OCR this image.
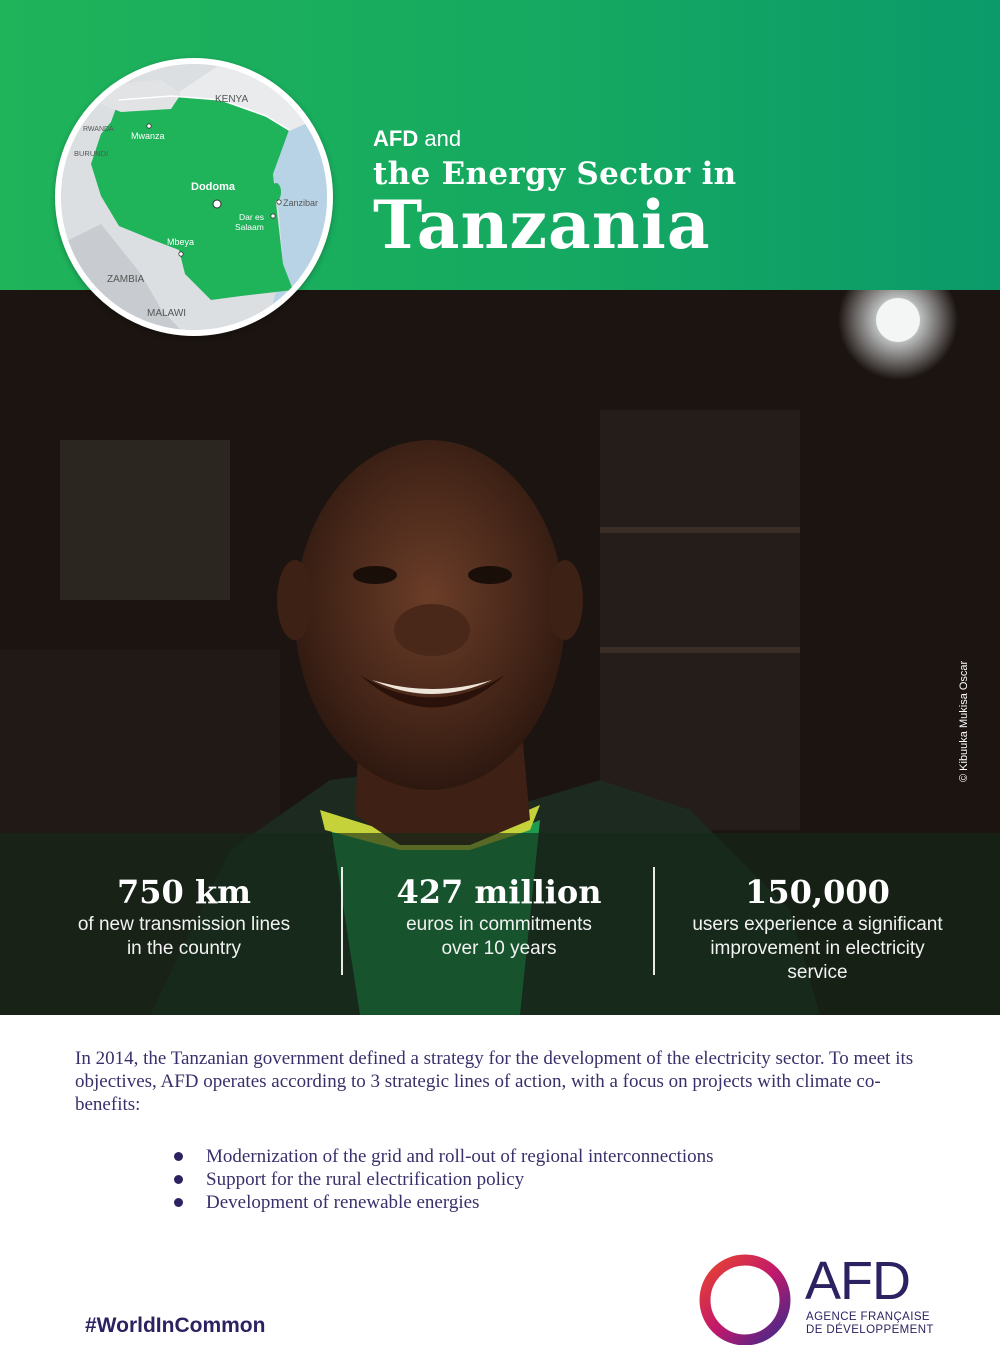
AFD and
the Energy Sector in
Tanzania
KENYA
RWANDA
BURUNDI
Mwanza
Dodoma
Zanzibar
Dar es
Salaam
Mbeya
ZAMBIA
MALAWI
© Kibuuka Mukisa Oscar
750 km
of new transmission lines
in the country
427 million
euros in commitments
over 10 years
150,000
users experience a significant
improvement in electricity
service

In 2014, the Tanzanian government defined a strategy for the development of the electricity sector. To meet its objectives, AFD operates according to 3 strategic lines of action, with a focus on projects with climate co-benefits:

Modernization of the grid and roll-out of regional interconnections
Support for the rural electrification policy
Development of renewable energies
#WorldInCommon
AFD
AGENCE FRANÇAISE
DE DÉVELOPPEMENT
